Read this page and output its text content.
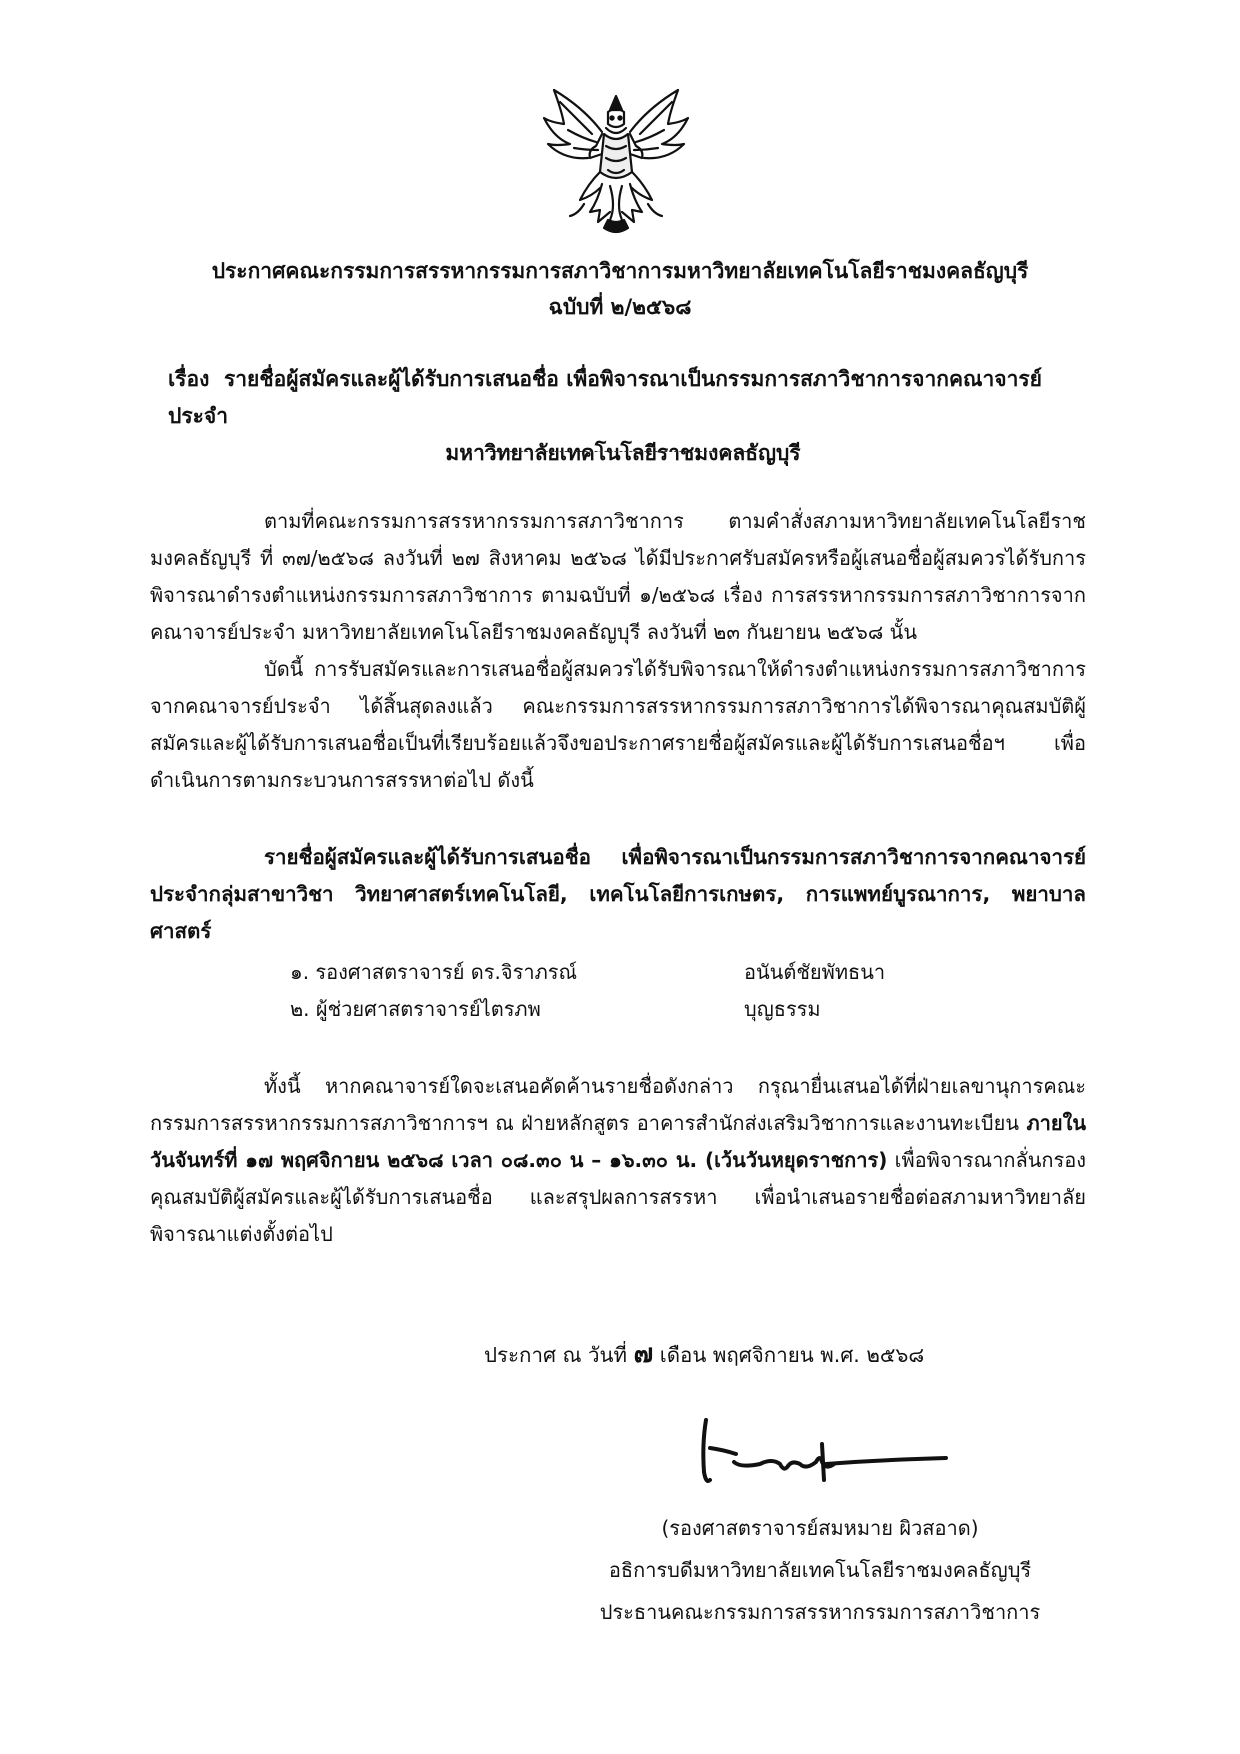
ประกาศคณะกรรมการสรรหากรรมการสภาวิชาการมหาวิทยาลัยเทคโนโลยีราชมงคลธัญบุรี
ฉบับที่ ๒/๒๕๖๘
เรื่อง รายชื่อผู้สมัครและผู้ได้รับการเสนอชื่อ เพื่อพิจารณาเป็นกรรมการสภาวิชาการจากคณาจารย์ประจำ
มหาวิทยาลัยเทคโนโลยีราชมงคลธัญบุรี

ตามที่คณะกรรมการสรรหากรรมการสภาวิชาการ ตามคำสั่งสภามหาวิทยาลัยเทคโนโลยีราชมงคลธัญบุรี ที่ ๓๗/๒๕๖๘ ลงวันที่ ๒๗ สิงหาคม ๒๕๖๘ ได้มีประกาศรับสมัครหรือผู้เสนอชื่อผู้สมควรได้รับการพิจารณาดำรงตำแหน่งกรรมการสภาวิชาการ ตามฉบับที่ ๑/๒๕๖๘ เรื่อง การสรรหากรรมการสภาวิชาการจากคณาจารย์ประจำ มหาวิทยาลัยเทคโนโลยีราชมงคลธัญบุรี ลงวันที่ ๒๓ กันยายน ๒๕๖๘ นั้น

บัดนี้ การรับสมัครและการเสนอชื่อผู้สมควรได้รับพิจารณาให้ดำรงตำแหน่งกรรมการสภาวิชาการจากคณาจารย์ประจำ ได้สิ้นสุดลงแล้ว คณะกรรมการสรรหากรรมการสภาวิชาการได้พิจารณาคุณสมบัติผู้สมัครและผู้ได้รับการเสนอชื่อเป็นที่เรียบร้อยแล้วจึงขอประกาศรายชื่อผู้สมัครและผู้ได้รับการเสนอชื่อฯ เพื่อดำเนินการตามกระบวนการสรรหาต่อไป ดังนี้

รายชื่อผู้สมัครและผู้ได้รับการเสนอชื่อ เพื่อพิจารณาเป็นกรรมการสภาวิชาการจากคณาจารย์ประจำกลุ่มสาขาวิชา วิทยาศาสตร์เทคโนโลยี, เทคโนโลยีการเกษตร, การแพทย์บูรณาการ, พยาบาลศาสตร์

๑. รองศาสตราจารย์ ดร.จิราภรณ์	อนันต์ชัยพัทธนา
๒. ผู้ช่วยศาสตราจารย์ไตรภพ	บุญธรรม

ทั้งนี้ หากคณาจารย์ใดจะเสนอคัดค้านรายชื่อดังกล่าว กรุณายื่นเสนอได้ที่ฝ่ายเลขานุการคณะกรรมการสรรหากรรมการสภาวิชาการฯ ณ ฝ่ายหลักสูตร อาคารสำนักส่งเสริมวิชาการและงานทะเบียน ภายในวันจันทร์ที่ ๑๗ พฤศจิกายน ๒๕๖๘ เวลา ๐๘.๓๐ น – ๑๖.๓๐ น. (เว้นวันหยุดราชการ) เพื่อพิจารณากลั่นกรองคุณสมบัติผู้สมัครและผู้ได้รับการเสนอชื่อ และสรุปผลการสรรหา เพื่อนำเสนอรายชื่อต่อสภามหาวิทยาลัยพิจารณาแต่งตั้งต่อไป

ประกาศ ณ วันที่ ๗ เดือน พฤศจิกายน พ.ศ. ๒๕๖๘
(รองศาสตราจารย์สมหมาย ผิวสอาด)
อธิการบดีมหาวิทยาลัยเทคโนโลยีราชมงคลธัญบุรี
ประธานคณะกรรมการสรรหากรรมการสภาวิชาการ
